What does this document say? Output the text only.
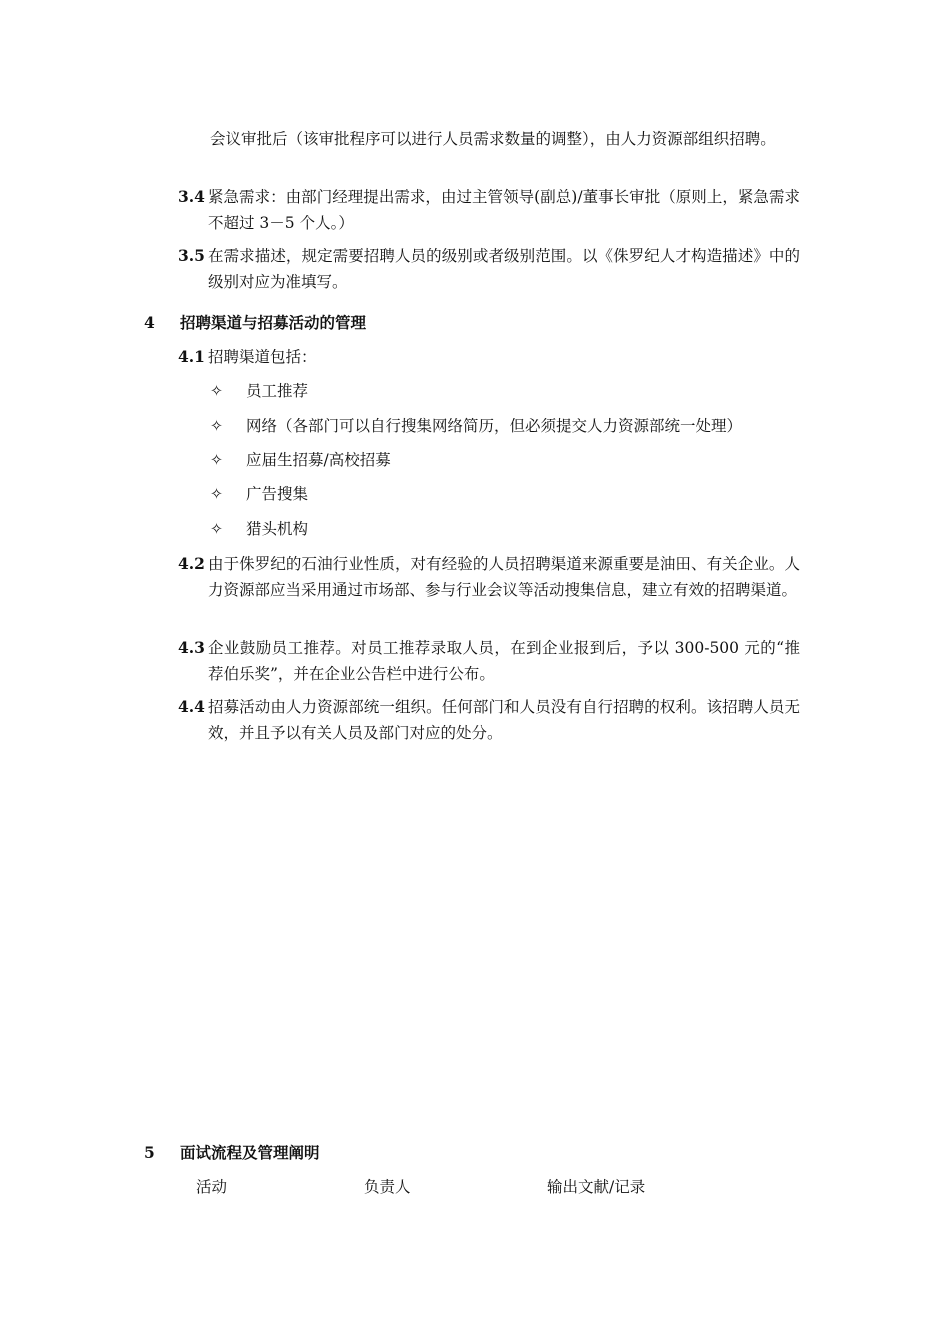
会议审批后（该审批程序可以进行人员需求数量的调整），由人力资源部组织招聘。
3.4 紧急需求：由部门经理提出需求，由过主管领导(副总)/董事长审批（原则上，紧急需求不超过 3－5 个人。）
3.5 在需求描述，规定需要招聘人员的级别或者级别范围。以《侏罗纪人才构造描述》中的级别对应为准填写。
4 招聘渠道与招募活动的管理
4.1 招聘渠道包括：
✧ 员工推荐
✧ 网络（各部门可以自行搜集网络简历，但必须提交人力资源部统一处理）
✧ 应届生招募/高校招募
✧ 广告搜集
✧ 猎头机构
4.2 由于侏罗纪的石油行业性质，对有经验的人员招聘渠道来源重要是油田、有关企业。人力资源部应当采用通过市场部、参与行业会议等活动搜集信息，建立有效的招聘渠道。
4.3 企业鼓励员工推荐。对员工推荐录取人员，在到企业报到后，予以 300-500 元的“推荐伯乐奖”，并在企业公告栏中进行公布。
4.4 招募活动由人力资源部统一组织。任何部门和人员没有自行招聘的权利。该招聘人员无效，并且予以有关人员及部门对应的处分。
5 面试流程及管理阐明
活动	负责人	输出文献/记录
